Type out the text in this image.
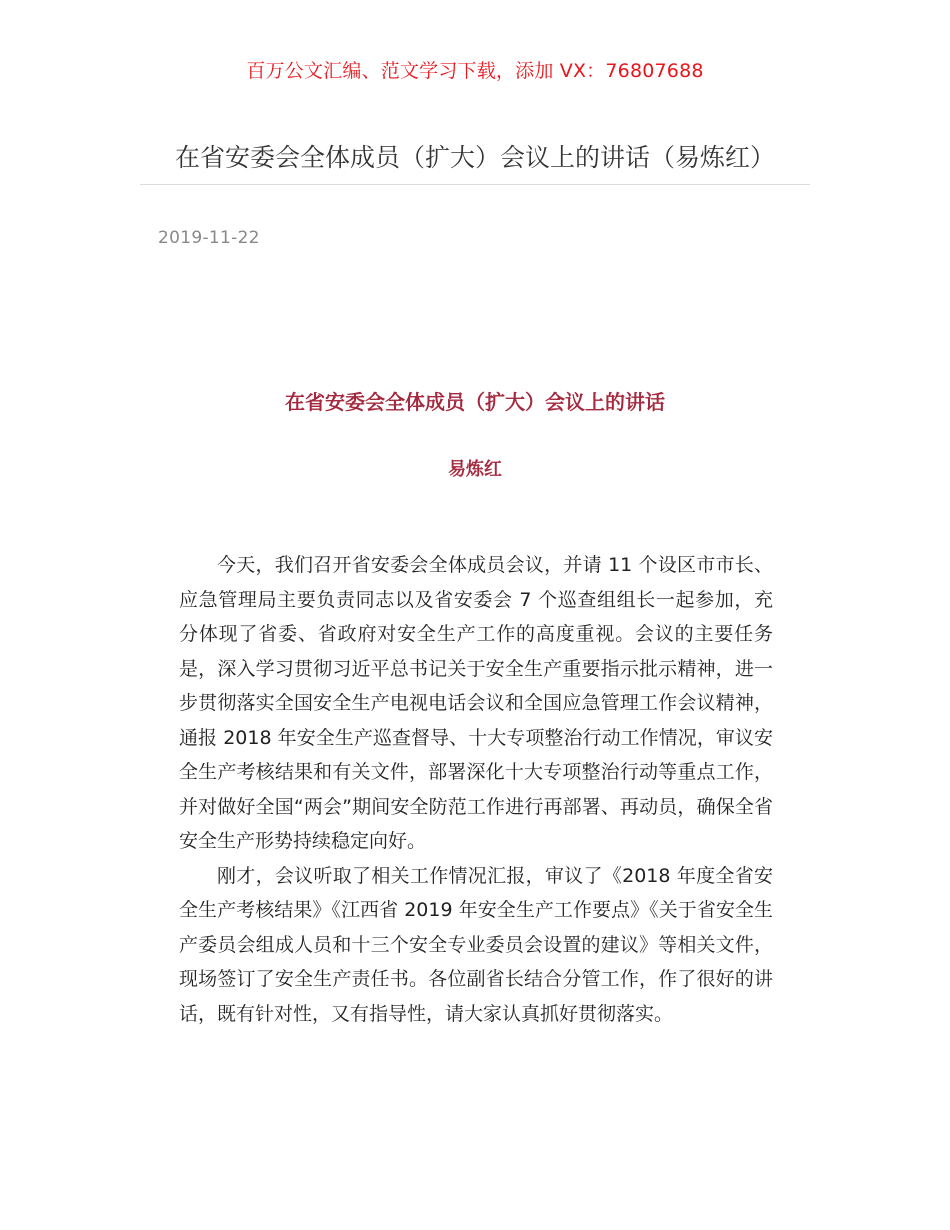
百万公文汇编、范文学习下载，添加 VX：76807688
在省安委会全体成员（扩大）会议上的讲话（易炼红）
2019-11-22
在省安委会全体成员（扩大）会议上的讲话
易炼红

今天，我们召开省安委会全体成员会议，并请 11 个设区市市长、应急管理局主要负责同志以及省安委会 7 个巡查组组长一起参加，充分体现了省委、省政府对安全生产工作的高度重视。会议的主要任务是，深入学习贯彻习近平总书记关于安全生产重要指示批示精神，进一步贯彻落实全国安全生产电视电话会议和全国应急管理工作会议精神，通报 2018 年安全生产巡查督导、十大专项整治行动工作情况，审议安全生产考核结果和有关文件，部署深化十大专项整治行动等重点工作，并对做好全国“两会”期间安全防范工作进行再部署、再动员，确保全省安全生产形势持续稳定向好。

刚才，会议听取了相关工作情况汇报，审议了《2018 年度全省安全生产考核结果》《江西省 2019 年安全生产工作要点》《关于省安全生产委员会组成人员和十三个安全专业委员会设置的建议》等相关文件，现场签订了安全生产责任书。各位副省长结合分管工作，作了很好的讲话，既有针对性，又有指导性，请大家认真抓好贯彻落实。
